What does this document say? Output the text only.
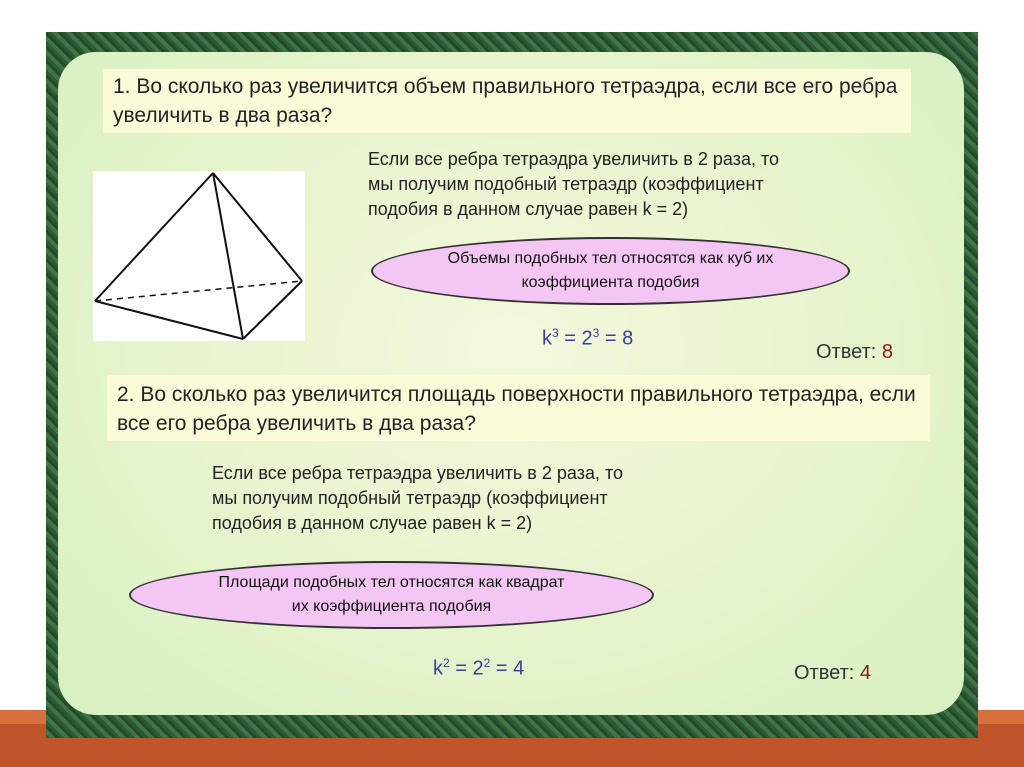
1. Во сколько раз увеличится объем правильного тетраэдра, если все его ребра увеличить в два раза?
Если все ребра тетраэдра увеличить в 2 раза, то
мы получим подобный тетраэдр (коэффициент
подобия в данном случае равен k = 2)
Объемы подобных тел относятся как куб их
коэффициента подобия
$k^3 = 2^3 = 8$
Ответ: 8
2. Во сколько раз увеличится площадь поверхности правильного тетраэдра, если все его ребра увеличить в два раза?
Если все ребра тетраэдра увеличить в 2 раза, то
мы получим подобный тетраэдр (коэффициент
подобия в данном случае равен k = 2)
Площади подобных тел относятся как квадрат
их коэффициента подобия
$k^2 = 2^2 = 4$	Ответ: 4
